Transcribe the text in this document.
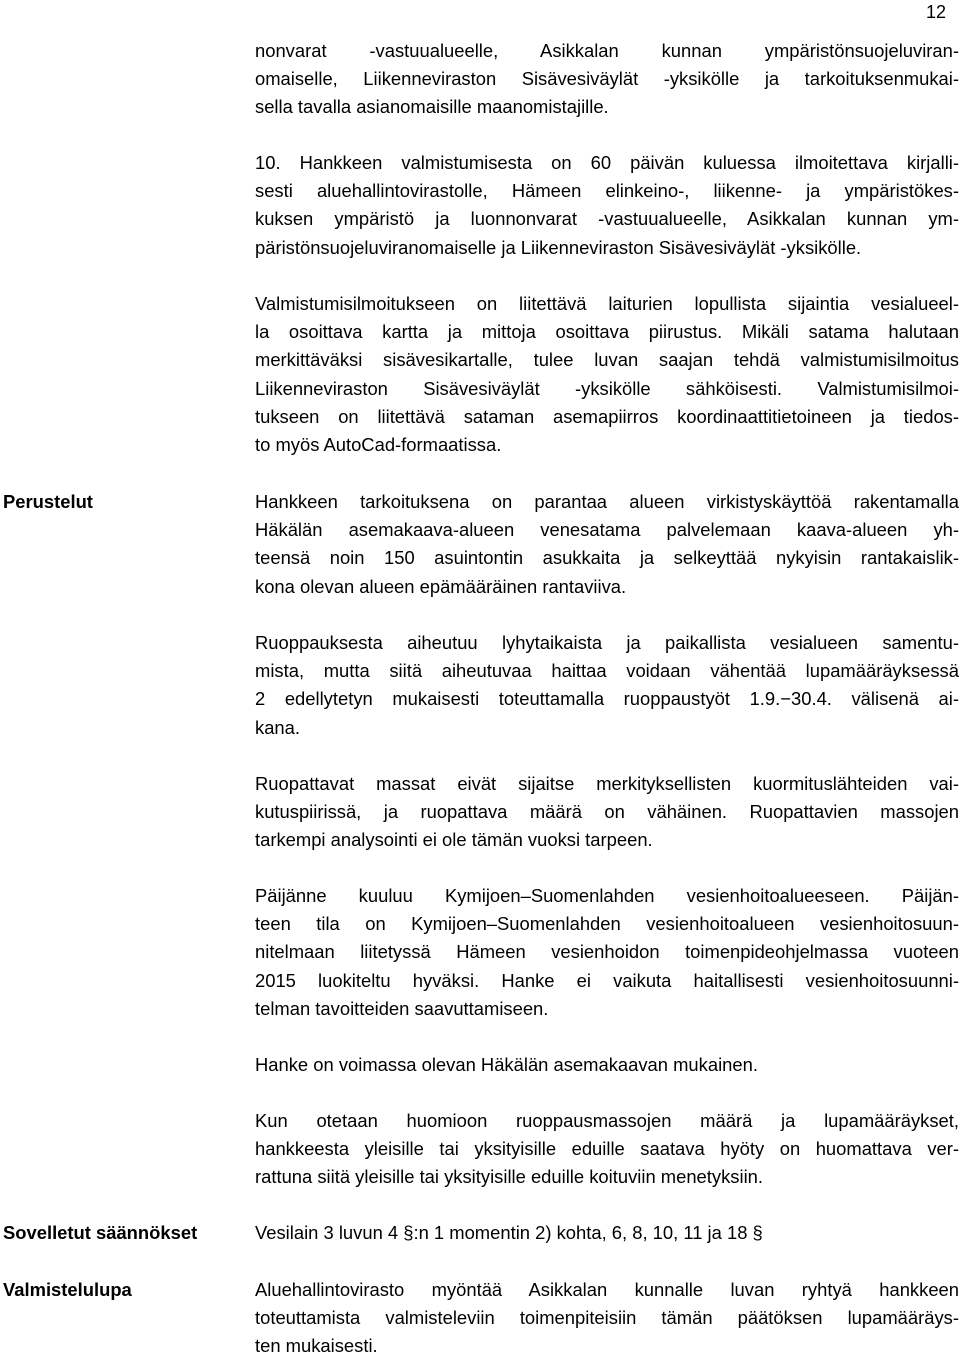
12
Perustelut
Sovelletut säännökset
Valmistelulupa
nonvarat -vastuualueelle, Asikkalan kunnan ympäristönsuojeluviran-
omaiselle, Liikenneviraston Sisävesiväylät -yksikölle ja tarkoituksenmukai-
sella tavalla asianomaisille maanomistajille.
10. Hankkeen valmistumisesta on 60 päivän kuluessa ilmoitettava kirjalli-
sesti aluehallintovirastolle, Hämeen elinkeino-, liikenne- ja ympäristökes-
kuksen ympäristö ja luonnonvarat -vastuualueelle, Asikkalan kunnan ym-
päristönsuojeluviranomaiselle ja Liikenneviraston Sisävesiväylät -yksikölle.
Valmistumisilmoitukseen on liitettävä laiturien lopullista sijaintia vesialueel-
la osoittava kartta ja mittoja osoittava piirustus. Mikäli satama halutaan
merkittäväksi sisävesikartalle, tulee luvan saajan tehdä valmistumisilmoitus
Liikenneviraston Sisävesiväylät -yksikölle sähköisesti. Valmistumisilmoi-
tukseen on liitettävä sataman asemapiirros koordinaattitietoineen ja tiedos-
to myös AutoCad-formaatissa.
Hankkeen tarkoituksena on parantaa alueen virkistyskäyttöä rakentamalla
Häkälän asemakaava-alueen venesatama palvelemaan kaava-alueen yh-
teensä noin 150 asuintontin asukkaita ja selkeyttää nykyisin rantakaislik-
kona olevan alueen epämääräinen rantaviiva.
Ruoppauksesta aiheutuu lyhytaikaista ja paikallista vesialueen samentu-
mista, mutta siitä aiheutuvaa haittaa voidaan vähentää lupamääräyksessä
2 edellytetyn mukaisesti toteuttamalla ruoppaustyöt 1.9.−30.4. välisenä ai-
kana.
Ruopattavat massat eivät sijaitse merkityksellisten kuormituslähteiden vai-
kutuspiirissä, ja ruopattava määrä on vähäinen. Ruopattavien massojen
tarkempi analysointi ei ole tämän vuoksi tarpeen.
Päijänne kuuluu Kymijoen–Suomenlahden vesienhoitoalueeseen. Päijän-
teen tila on Kymijoen–Suomenlahden vesienhoitoalueen vesienhoitosuun-
nitelmaan liitetyssä Hämeen vesienhoidon toimenpideohjelmassa vuoteen
2015 luokiteltu hyväksi. Hanke ei vaikuta haitallisesti vesienhoitosuunni-
telman tavoitteiden saavuttamiseen.
Hanke on voimassa olevan Häkälän asemakaavan mukainen.
Kun otetaan huomioon ruoppausmassojen määrä ja lupamääräykset,
hankkeesta yleisille tai yksityisille eduille saatava hyöty on huomattava ver-
rattuna siitä yleisille tai yksityisille eduille koituviin menetyksiin.
Vesilain 3 luvun 4 §:n 1 momentin 2) kohta, 6, 8, 10, 11 ja 18 §
Aluehallintovirasto myöntää Asikkalan kunnalle luvan ryhtyä hankkeen
toteuttamista valmisteleviin toimenpiteisiin tämän päätöksen lupamääräys-
ten mukaisesti.
